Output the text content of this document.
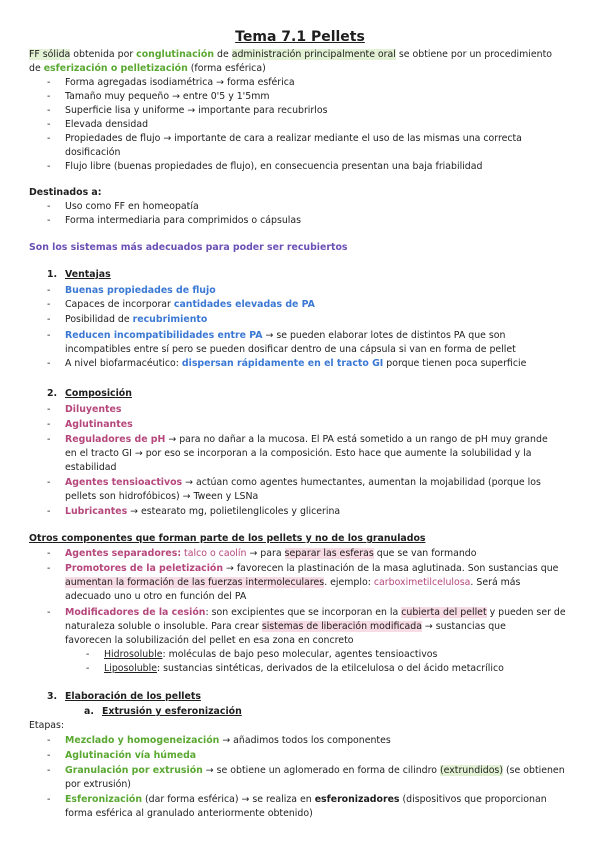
Tema 7.1 Pellets
FF sólida obtenida por conglutinación de administración principalmente oral se obtiene por un procedimiento
de esferización o pelletización (forma esférica)
-	Forma agregadas isodiamétrica → forma esférica
-	Tamaño muy pequeño → entre 0'5 y 1'5mm
-	Superficie lisa y uniforme → importante para recubrirlos
-	Elevada densidad
-	Propiedades de flujo → importante de cara a realizar mediante el uso de las mismas una correcta
dosificación
-	Flujo libre (buenas propiedades de flujo), en consecuencia presentan una baja friabilidad
Destinados a:
-	Uso como FF en homeopatía
-	Forma intermediaria para comprimidos o cápsulas
Son los sistemas más adecuados para poder ser recubiertos
1. Ventajas
-	Buenas propiedades de flujo
-	Capaces de incorporar cantidades elevadas de PA
-	Posibilidad de recubrimiento
-	Reducen incompatibilidades entre PA → se pueden elaborar lotes de distintos PA que son
incompatibles entre sí pero se pueden dosificar dentro de una cápsula si van en forma de pellet
-	A nivel biofarmacéutico: dispersan rápidamente en el tracto GI porque tienen poca superficie
2. Composición
-	Diluyentes
-	Aglutinantes
-	Reguladores de pH → para no dañar a la mucosa. El PA está sometido a un rango de pH muy grande
en el tracto GI → por eso se incorporan a la composición. Esto hace que aumente la solubilidad y la
estabilidad
-	Agentes tensioactivos → actúan como agentes humectantes, aumentan la mojabilidad (porque los
pellets son hidrofóbicos) → Tween y LSNa
-	Lubricantes → estearato mg, polietilenglicoles y glicerina
Otros componentes que forman parte de los pellets y no de los granulados
-	Agentes separadores: talco o caolín → para separar las esferas que se van formando
-	Promotores de la peletización → favorecen la plastinación de la masa aglutinada. Son sustancias que
aumentan la formación de las fuerzas intermoleculares. ejemplo: carboximetilcelulosa. Será más
adecuado uno u otro en función del PA
-	Modificadores de la cesión: son excipientes que se incorporan en la cubierta del pellet y pueden ser de
naturaleza soluble o insoluble. Para crear sistemas de liberación modificada → sustancias que
favorecen la solubilización del pellet en esa zona en concreto
- Hidrosoluble: moléculas de bajo peso molecular, agentes tensioactivos
- Liposoluble: sustancias sintéticas, derivados de la etilcelulosa o del ácido metacrílico
3. Elaboración de los pellets
a. Extrusión y esferonización
Etapas:
-	Mezclado y homogeneización → añadimos todos los componentes
-	Aglutinación vía húmeda
-	Granulación por extrusión → se obtiene un aglomerado en forma de cilindro (extrundidos) (se obtienen
por extrusión)
-	Esferonización (dar forma esférica) → se realiza en esferonizadores (dispositivos que proporcionan
forma esférica al granulado anteriormente obtenido)
